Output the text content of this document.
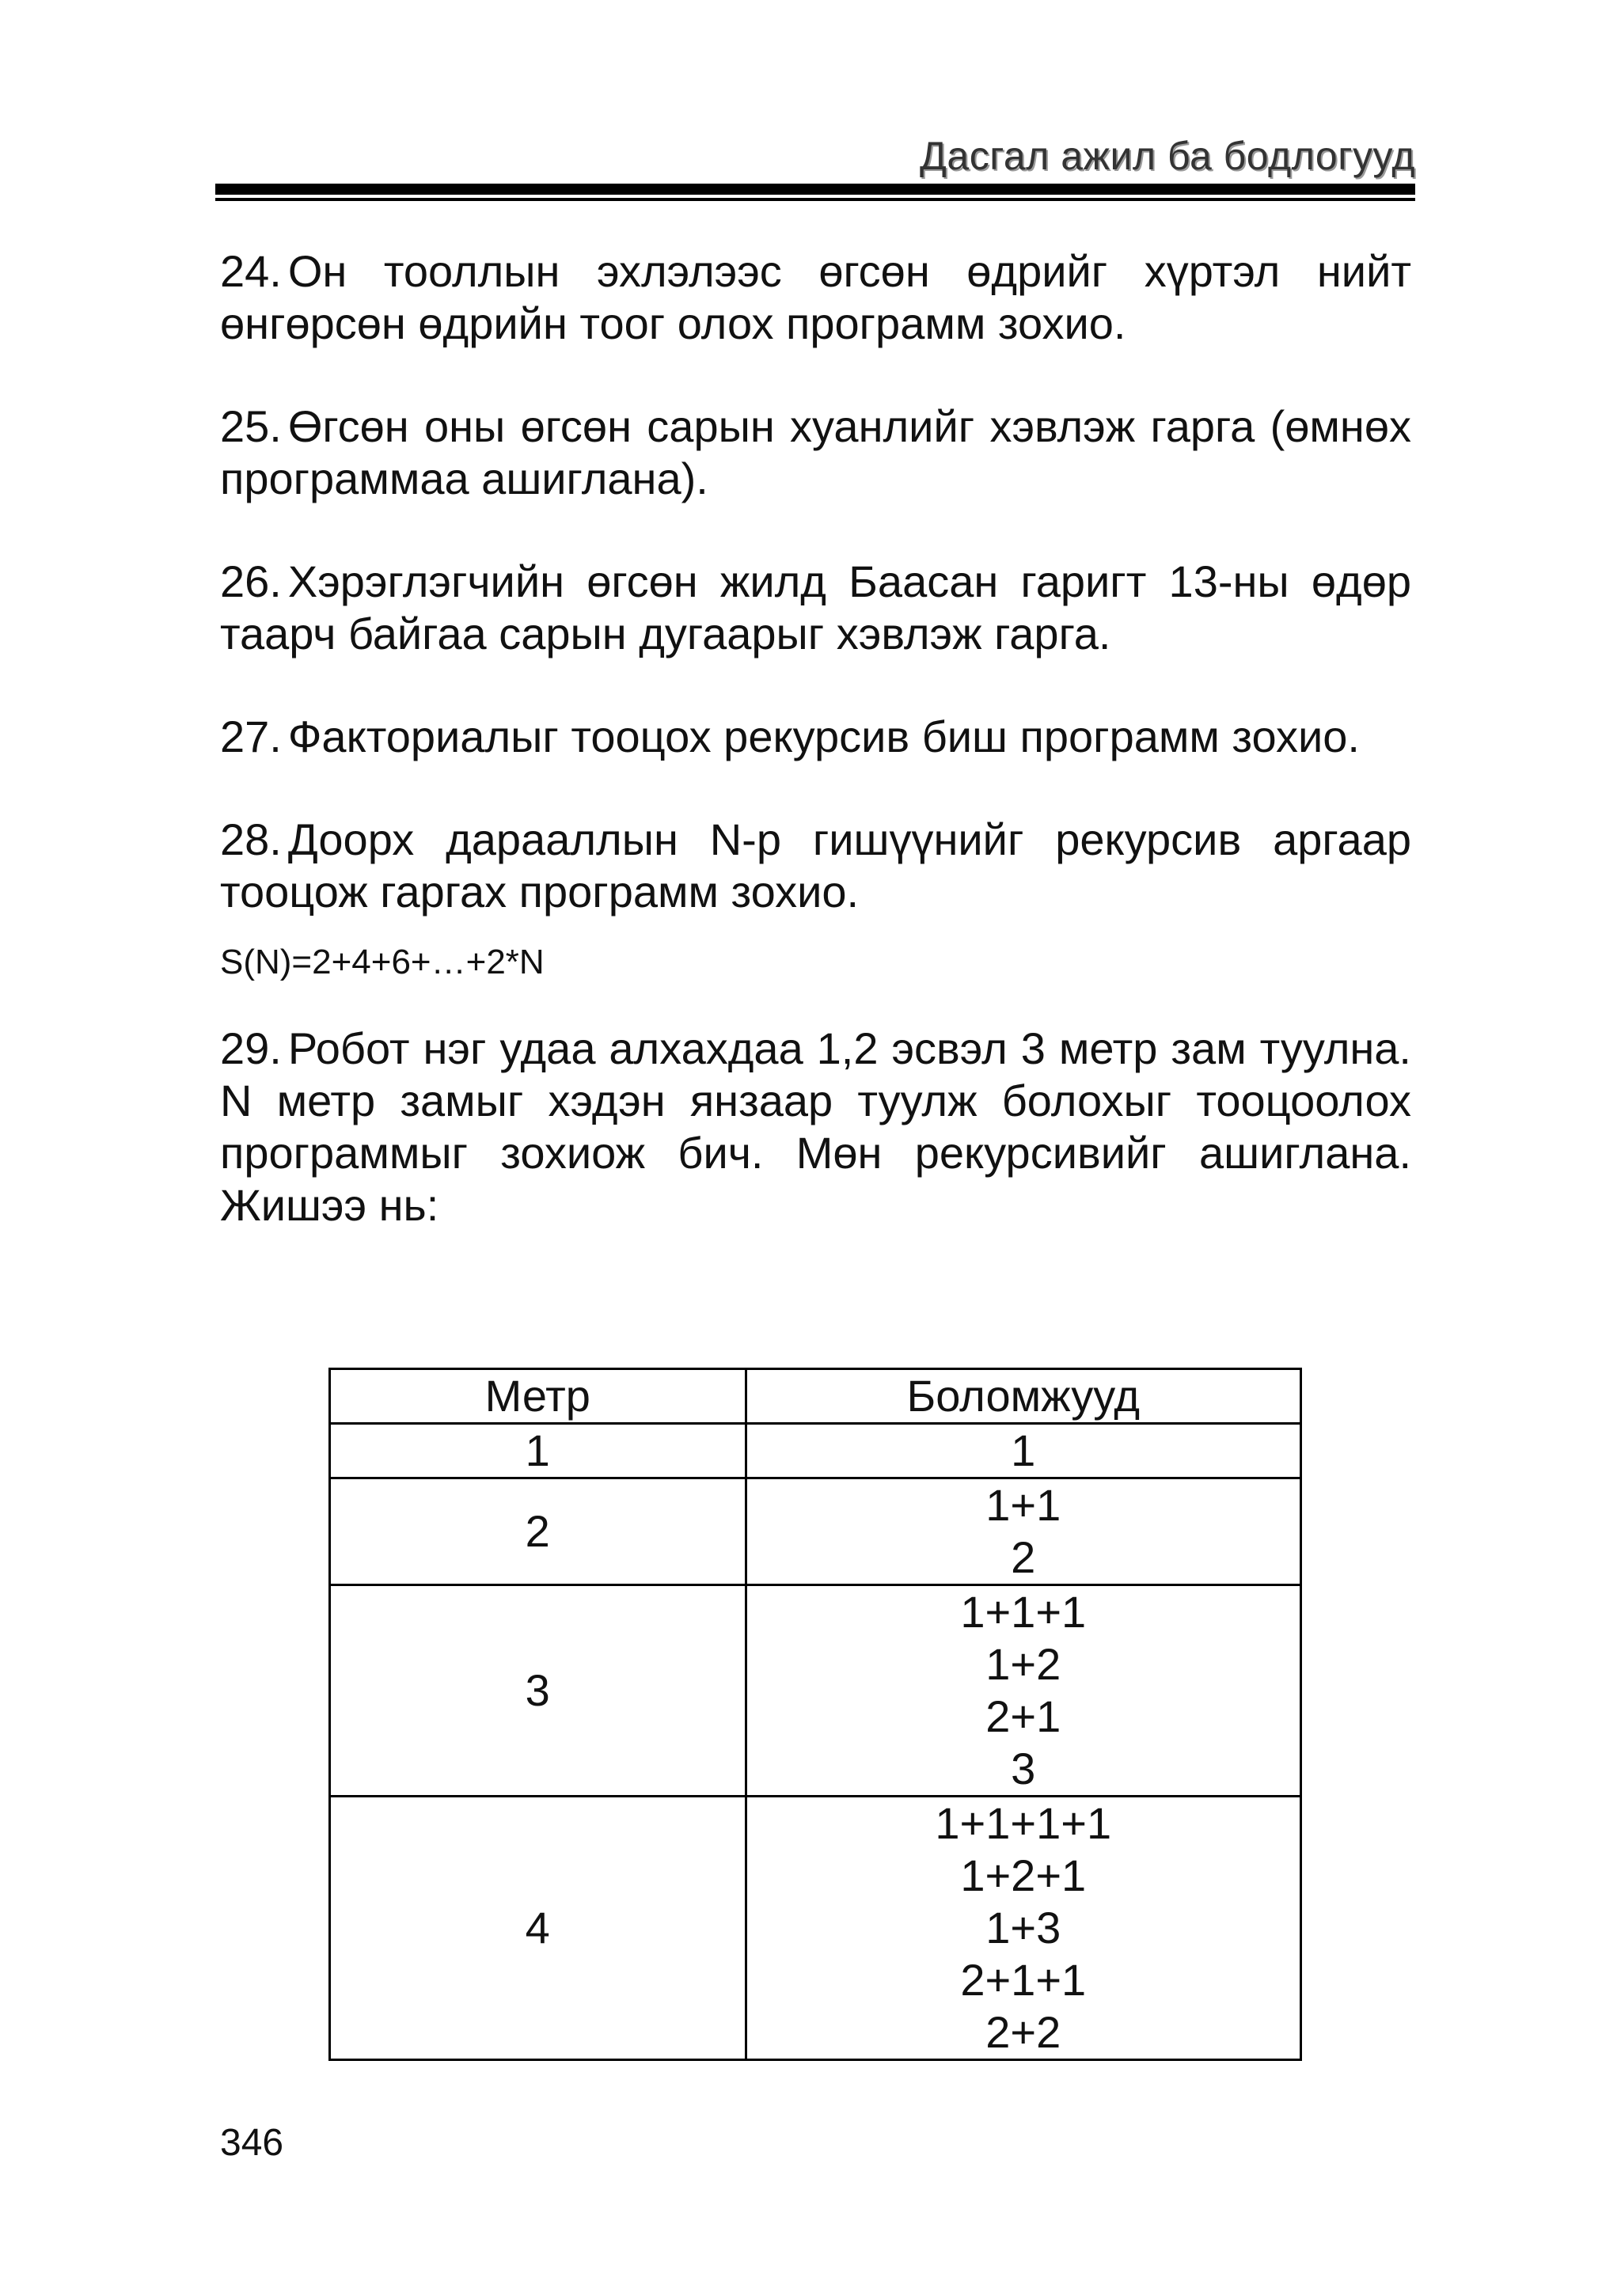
Дасгал ажил ба бодлогууд

24. Он тооллын эхлэлээс өгсөн өдрийг хүртэл нийт өнгөрсөн өдрийн тоог олох программ зохио.

25. Өгсөн оны өгсөн сарын хуанлийг хэвлэж гарга (өмнөх программаа ашиглана).

26. Хэрэглэгчийн өгсөн жилд Баасан гаригт 13-ны өдөр таарч байгаа сарын дугаарыг хэвлэж гарга.

27. Факториалыг тооцох рекурсив биш программ зохио.

28. Доорх дарааллын N-р гишүүнийг рекурсив аргаар тооцож гаргах программ зохио.

S(N)=2+4+6+…+2*N

29. Робот нэг удаа алхахдаа 1,2 эсвэл 3 метр зам туулна. N метр замыг хэдэн янзаар туулж болохыг тооцоолох программыг зохиож бич. Мөн рекурсивийг ашиглана. Жишээ нь:

Метр	Боломжууд
1	1

2	1+1
2

3	1+1+1
1+2
2+1
3

4	1+1+1+1
1+2+1
1+3
2+1+1
2+2
346
